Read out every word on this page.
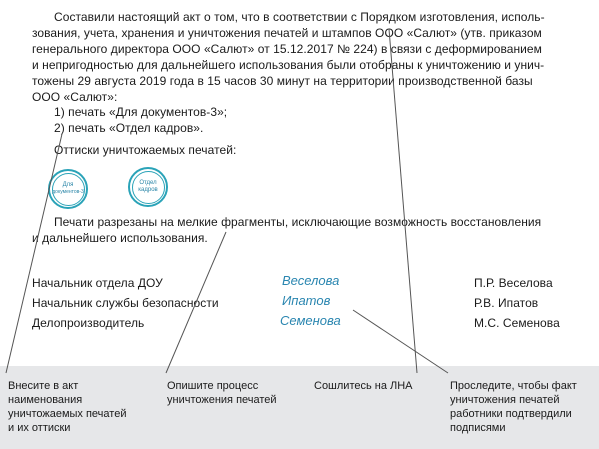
Составили настоящий акт о том, что в соответствии с Порядком изготовления, исполь-
зования, учета, хранения и уничтожения печатей и штампов ООО «Салют» (утв. приказом
генерального директора ООО «Салют» от 15.12.2017 № 224) в связи с деформированием
и непригодностью для дальнейшего использования были отобраны к уничтожению и унич-
тожены 29 августа 2019 года в 15 часов 30 минут на территории производственной базы
ООО «Салют»:
1) печать «Для документов-3»;
2) печать «Отдел кадров».
Оттиски уничтожаемых печатей:
Для
документов-3
Отдел
кадров
Печати разрезаны на мелкие фрагменты, исключающие возможность восстановления
и дальнейшего использования.
Начальник отдела ДОУ	Веселова	П.Р. Веселова
Начальник службы безопасности	Ипатов	Р.В. Ипатов
Делопроизводитель	Семенова	М.С. Семенова
Внесите в акт
наименования
уничтожаемых печатей
и их оттиски
Опишите процесс
уничтожения печатей
Сошлитесь на ЛНА	Проследите, чтобы факт
уничтожения печатей
работники подтвердили
подписями
